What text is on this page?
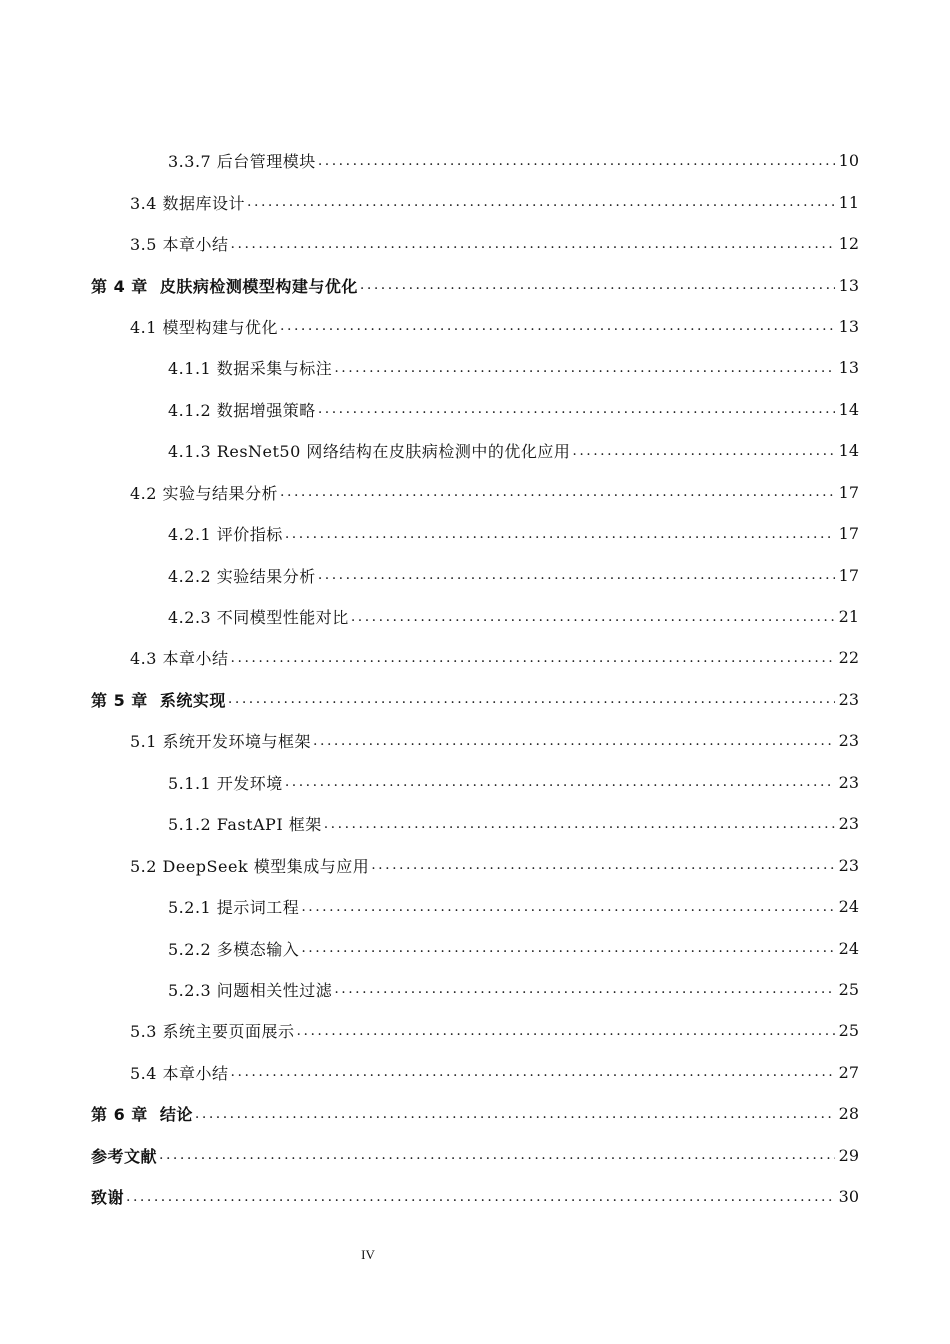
3.3.7 后台管理模块 .....	10
3.4 数据库设计 .....	11
3.5 本章小结 .....	12
第 4 章  皮肤病检测模型构建与优化 .....	13
4.1 模型构建与优化 .....	13
4.1.1 数据采集与标注 .....	13
4.1.2 数据增强策略 .....	14
4.1.3 ResNet50 网络结构在皮肤病检测中的优化应用 .....	14
4.2 实验与结果分析 .....	17
4.2.1 评价指标 .....	17
4.2.2 实验结果分析 .....	17
4.2.3 不同模型性能对比 .....	21
4.3 本章小结 .....	22
第 5 章  系统实现 .....	23
5.1 系统开发环境与框架 .....	23
5.1.1 开发环境 .....	23
5.1.2 FastAPI 框架 .....	23
5.2 DeepSeek 模型集成与应用 .....	23
5.2.1 提示词工程 .....	24
5.2.2 多模态输入 .....	24
5.2.3 问题相关性过滤 .....	25
5.3 系统主要页面展示 .....	25
5.4 本章小结 .....	27
第 6 章  结论 .....	28
参考文献 .....	29
致谢 .....	30
IV
